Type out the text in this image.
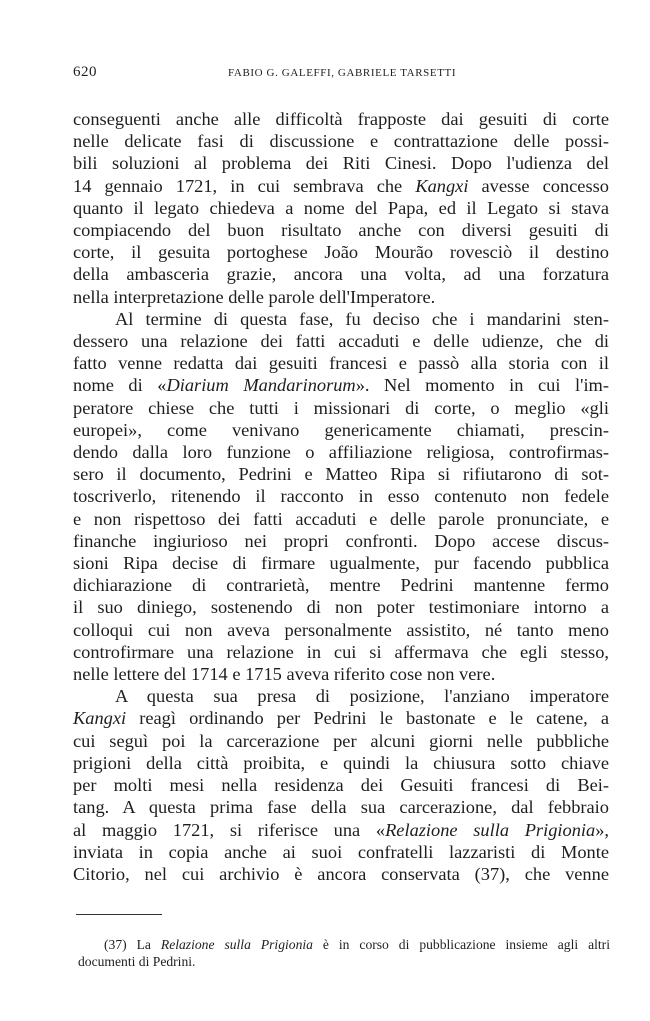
620	FABIO G. GALEFFI, GABRIELE TARSETTI
conseguenti anche alle difficoltà frapposte dai gesuiti di corte
nelle delicate fasi di discussione e contrattazione delle possi-
bili soluzioni al problema dei Riti Cinesi. Dopo l'udienza del
14 gennaio 1721, in cui sembrava che Kangxi avesse concesso
quanto il legato chiedeva a nome del Papa, ed il Legato si stava
compiacendo del buon risultato anche con diversi gesuiti di
corte, il gesuita portoghese João Mourão rovesciò il destino
della ambasceria grazie, ancora una volta, ad una forzatura
nella interpretazione delle parole dell'Imperatore.
Al termine di questa fase, fu deciso che i mandarini sten-
dessero una relazione dei fatti accaduti e delle udienze, che di
fatto venne redatta dai gesuiti francesi e passò alla storia con il
nome di «Diarium Mandarinorum». Nel momento in cui l'im-
peratore chiese che tutti i missionari di corte, o meglio «gli
europei», come venivano genericamente chiamati, prescin-
dendo dalla loro funzione o affiliazione religiosa, controfirmas-
sero il documento, Pedrini e Matteo Ripa si rifiutarono di sot-
toscriverlo, ritenendo il racconto in esso contenuto non fedele
e non rispettoso dei fatti accaduti e delle parole pronunciate, e
finanche ingiurioso nei propri confronti. Dopo accese discus-
sioni Ripa decise di firmare ugualmente, pur facendo pubblica
dichiarazione di contrarietà, mentre Pedrini mantenne fermo
il suo diniego, sostenendo di non poter testimoniare intorno a
colloqui cui non aveva personalmente assistito, né tanto meno
controfirmare una relazione in cui si affermava che egli stesso,
nelle lettere del 1714 e 1715 aveva riferito cose non vere.
A questa sua presa di posizione, l'anziano imperatore
Kangxi reagì ordinando per Pedrini le bastonate e le catene, a
cui seguì poi la carcerazione per alcuni giorni nelle pubbliche
prigioni della città proibita, e quindi la chiusura sotto chiave
per molti mesi nella residenza dei Gesuiti francesi di Bei-
tang. A questa prima fase della sua carcerazione, dal febbraio
al maggio 1721, si riferisce una «Relazione sulla Prigionia»,
inviata in copia anche ai suoi confratelli lazzaristi di Monte
Citorio, nel cui archivio è ancora conservata (37), che venne
(37) La Relazione sulla Prigionia è in corso di pubblicazione insieme agli altri
documenti di Pedrini.
